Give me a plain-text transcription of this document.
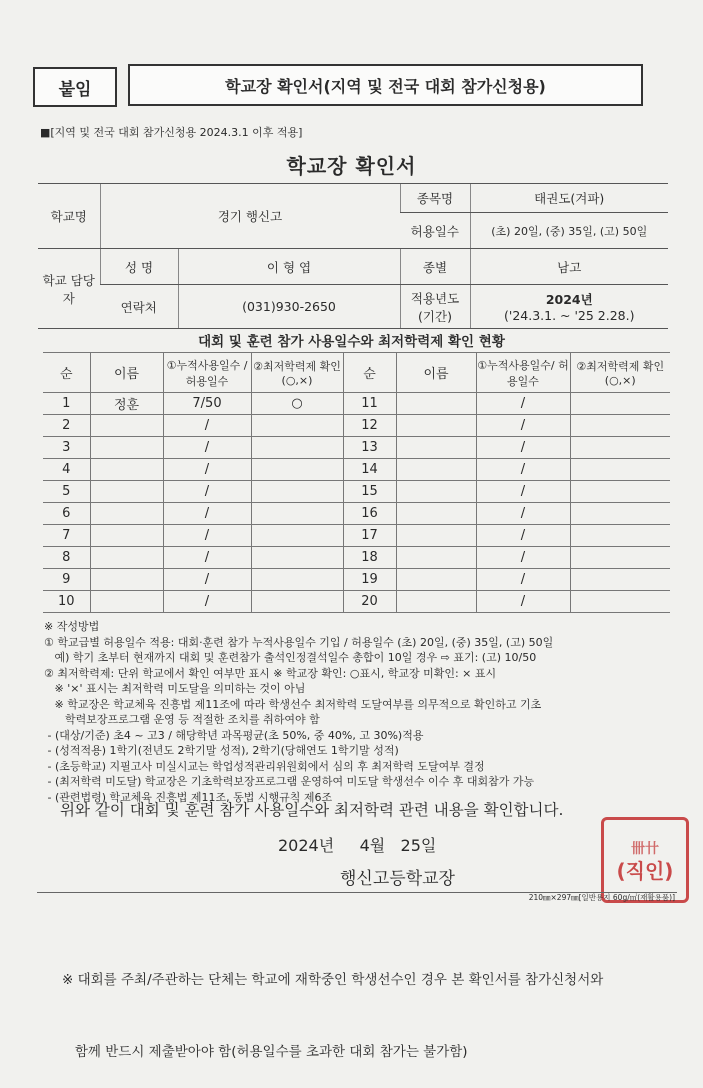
붙임	학교장 확인서(지역 및 전국 대회 참가신청용)
■[지역 및 전국 대회 참가신청용 2024.3.1 이후 적용]
학교장 확인서
학교명	경기 행신고		종목명	태권도(겨파)
			허용일수	(초) 20일, (중) 35일, (고) 50일
학교 담당자	성 명	이 형 엽	종별	남고
	연락처	(031)930-2650	적용년도 (기간)	2024년
('24.3.1. ~ '25 2.28.)
대회 및 훈련 참가 사용일수와 최저학력제 확인 현황
순	이름	①누적사용일수 /허용일수	②최저학력제 확인(○,×)	순	이름	①누적사용일수/ 허용일수	②최저학력제 확인(○,×)
1	정훈	7/50	○	11		/	
2		/		12		/	
3		/		13		/	
4		/		14		/	
5		/		15		/	
6		/		16		/	
7		/		17		/	
8		/		18		/	
9		/		19		/	
10		/		20		/	
※ 작성방법
① 학교급별 허용일수 적용: 대회·훈련 참가 누적사용일수 기입 / 허용일수 (초) 20일, (중) 35일, (고) 50일
예) 학기 초부터 현재까지 대회 및 훈련참가 출석인정결석일수 총합이 10일 경우 ⇨ 표기: (고) 10/50
② 최저학력제: 단위 학교에서 확인 여부만 표시 ※ 학교장 확인: ○표시, 학교장 미확인: × 표시
※ '×' 표시는 최저학력 미도달을 의미하는 것이 아님
※ 학교장은 학교체육 진흥법 제11조에 따라 학생선수 최저학력 도달여부를 의무적으로 확인하고 기초
학력보장프로그램 운영 등 적절한 조치를 취하여야 함
- (대상/기준) 초4 ~ 고3 / 해당학년 과목평균(초 50%, 중 40%, 고 30%)적용
- (성적적용) 1학기(전년도 2학기말 성적), 2학기(당해연도 1학기말 성적)
- (초등학교) 지필고사 미실시교는 학업성적관리위원회에서 심의 후 최저학력 도달여부 결정
- (최저학력 미도달) 학교장은 기초학력보장프로그램 운영하여 미도달 학생선수 이수 후 대회참가 가능
- (관련법령) 학교체육 진흥법 제11조, 동법 시행규칙 제6조
위와 같이 대회 및 훈련 참가 사용일수와 최저학력 관련 내용을 확인합니다.
2024년 4월 25일
행신고등학교장
卌卄
(직인)
210㎜×297㎜[일반용지 60g/㎡(재활용품)]

※ 대회를 주최/주관하는 단체는 학교에 재학중인 학생선수인 경우 본 확인서를 참가신청서와

함께 반드시 제출받아야 함(허용일수를 초과한 대회 참가는 불가함)
